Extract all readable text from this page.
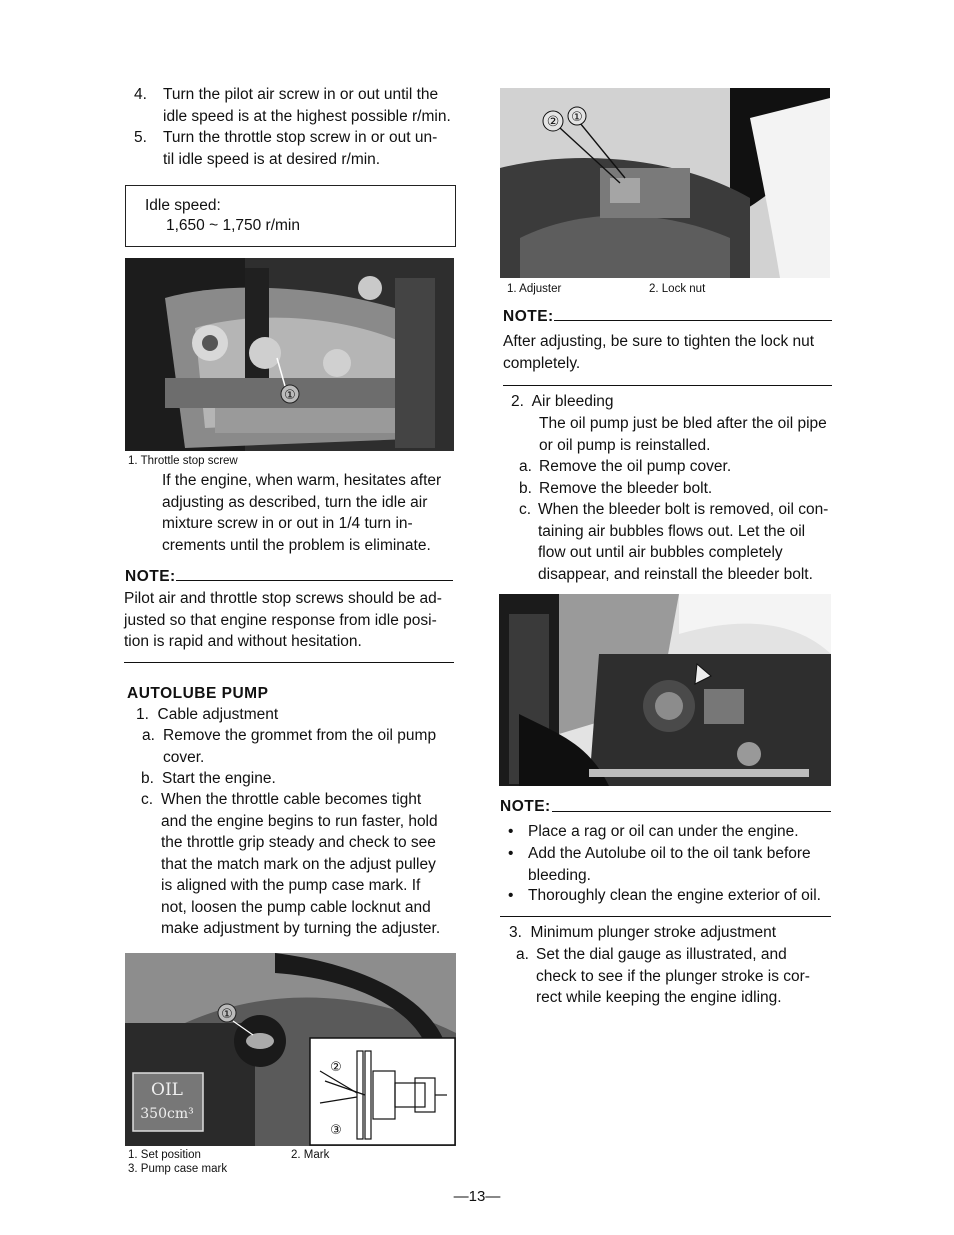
4. Turn the pilot air screw in or out until the
idle speed is at the highest possible r/min.
5. Turn the throttle stop screw in or out un-
til idle speed is at desired r/min.
Idle speed:
1,650 ~ 1,750 r/min
①
1. Throttle stop screw
If the engine, when warm, hesitates after
adjusting as described, turn the idle air
mixture screw in or out in 1/4 turn in-
crements until the problem is eliminate.
NOTE:
Pilot air and throttle stop screws should be ad-
justed so that engine response from idle posi-
tion is rapid and without hesitation.
AUTOLUBE PUMP
1.  Cable adjustment
a. Remove the grommet from the oil pump
cover.
b. Start the engine.
c. When the throttle cable becomes tight
and the engine begins to run faster, hold
the throttle grip steady and check to see
that the match mark on the adjust pulley
is aligned with the pump case mark. If
not, loosen the pump cable locknut and
make adjustment by turning the adjuster.
OIL
350cm³
①
②
③
1. Set position	2. Mark
3. Pump case mark
② ①
1. Adjuster	2. Lock nut
NOTE:
After adjusting, be sure to tighten the lock nut
completely.
2.  Air bleeding
The oil pump just be bled after the oil pipe
or oil pump is reinstalled.
a. Remove the oil pump cover.
b. Remove the bleeder bolt.
c. When the bleeder bolt is removed, oil con-
taining air bubbles flows out. Let the oil
flow out until air bubbles completely
disappear, and reinstall the bleeder bolt.
NOTE:
• Place a rag or oil can under the engine.
• Add the Autolube oil to the oil tank before
bleeding.
• Thoroughly clean the engine exterior of oil.
3.  Minimum plunger stroke adjustment
a. Set the dial gauge as illustrated, and
check to see if the plunger stroke is cor-
rect while keeping the engine idling.
—13—
